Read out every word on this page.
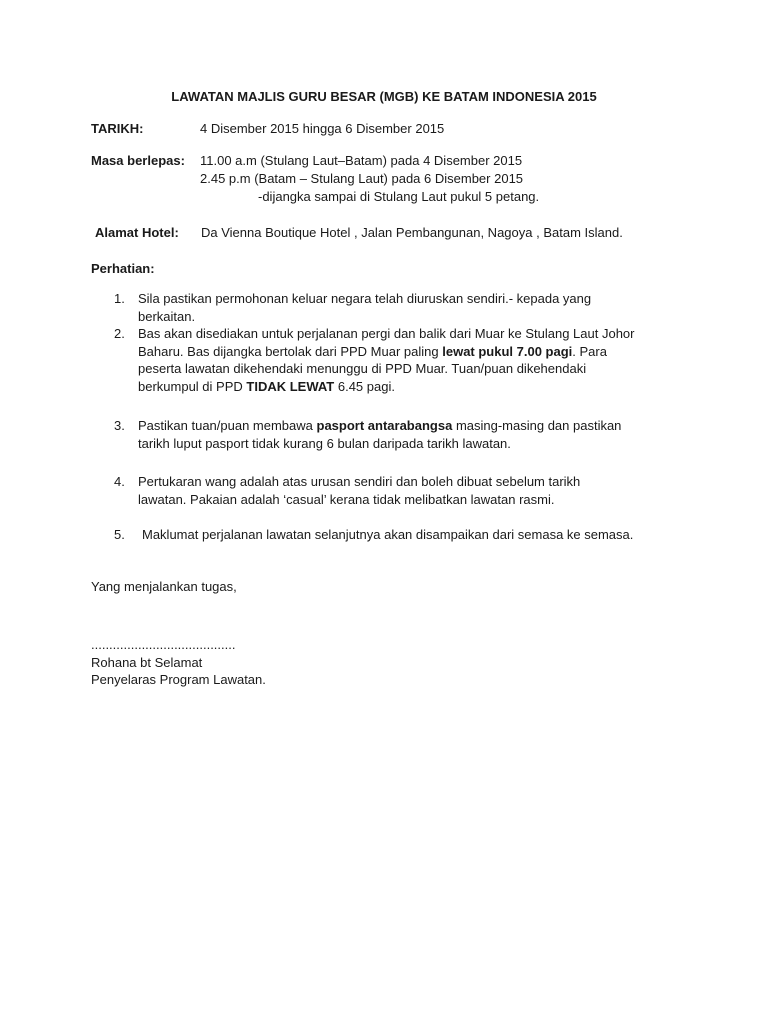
LAWATAN MAJLIS GURU BESAR (MGB) KE BATAM INDONESIA 2015
TARIKH:	4 Disember 2015 hingga 6 Disember 2015
Masa berlepas: 11.00 a.m (Stulang Laut–Batam) pada 4 Disember 2015
2.45 p.m (Batam – Stulang Laut) pada 6 Disember 2015
-dijangka sampai di Stulang Laut pukul 5 petang.
Alamat Hotel: Da Vienna Boutique Hotel , Jalan Pembangunan, Nagoya , Batam Island.
Perhatian:
1. Sila pastikan permohonan keluar negara telah diuruskan sendiri.- kepada yang
berkaitan.
2. Bas akan disediakan untuk perjalanan pergi dan balik dari Muar ke Stulang Laut Johor
Baharu. Bas dijangka bertolak dari PPD Muar paling lewat pukul 7.00 pagi. Para
peserta lawatan dikehendaki menunggu di PPD Muar. Tuan/puan dikehendaki
berkumpul di PPD TIDAK LEWAT 6.45 pagi.
3. Pastikan tuan/puan membawa pasport antarabangsa masing-masing dan pastikan
tarikh luput pasport tidak kurang 6 bulan daripada tarikh lawatan.
4. Pertukaran wang adalah atas urusan sendiri dan boleh dibuat sebelum tarikh
lawatan. Pakaian adalah ‘casual’ kerana tidak melibatkan lawatan rasmi.
5. Maklumat perjalanan lawatan selanjutnya akan disampaikan dari semasa ke semasa.
Yang menjalankan tugas,
........................................
Rohana bt Selamat
Penyelaras Program Lawatan.
